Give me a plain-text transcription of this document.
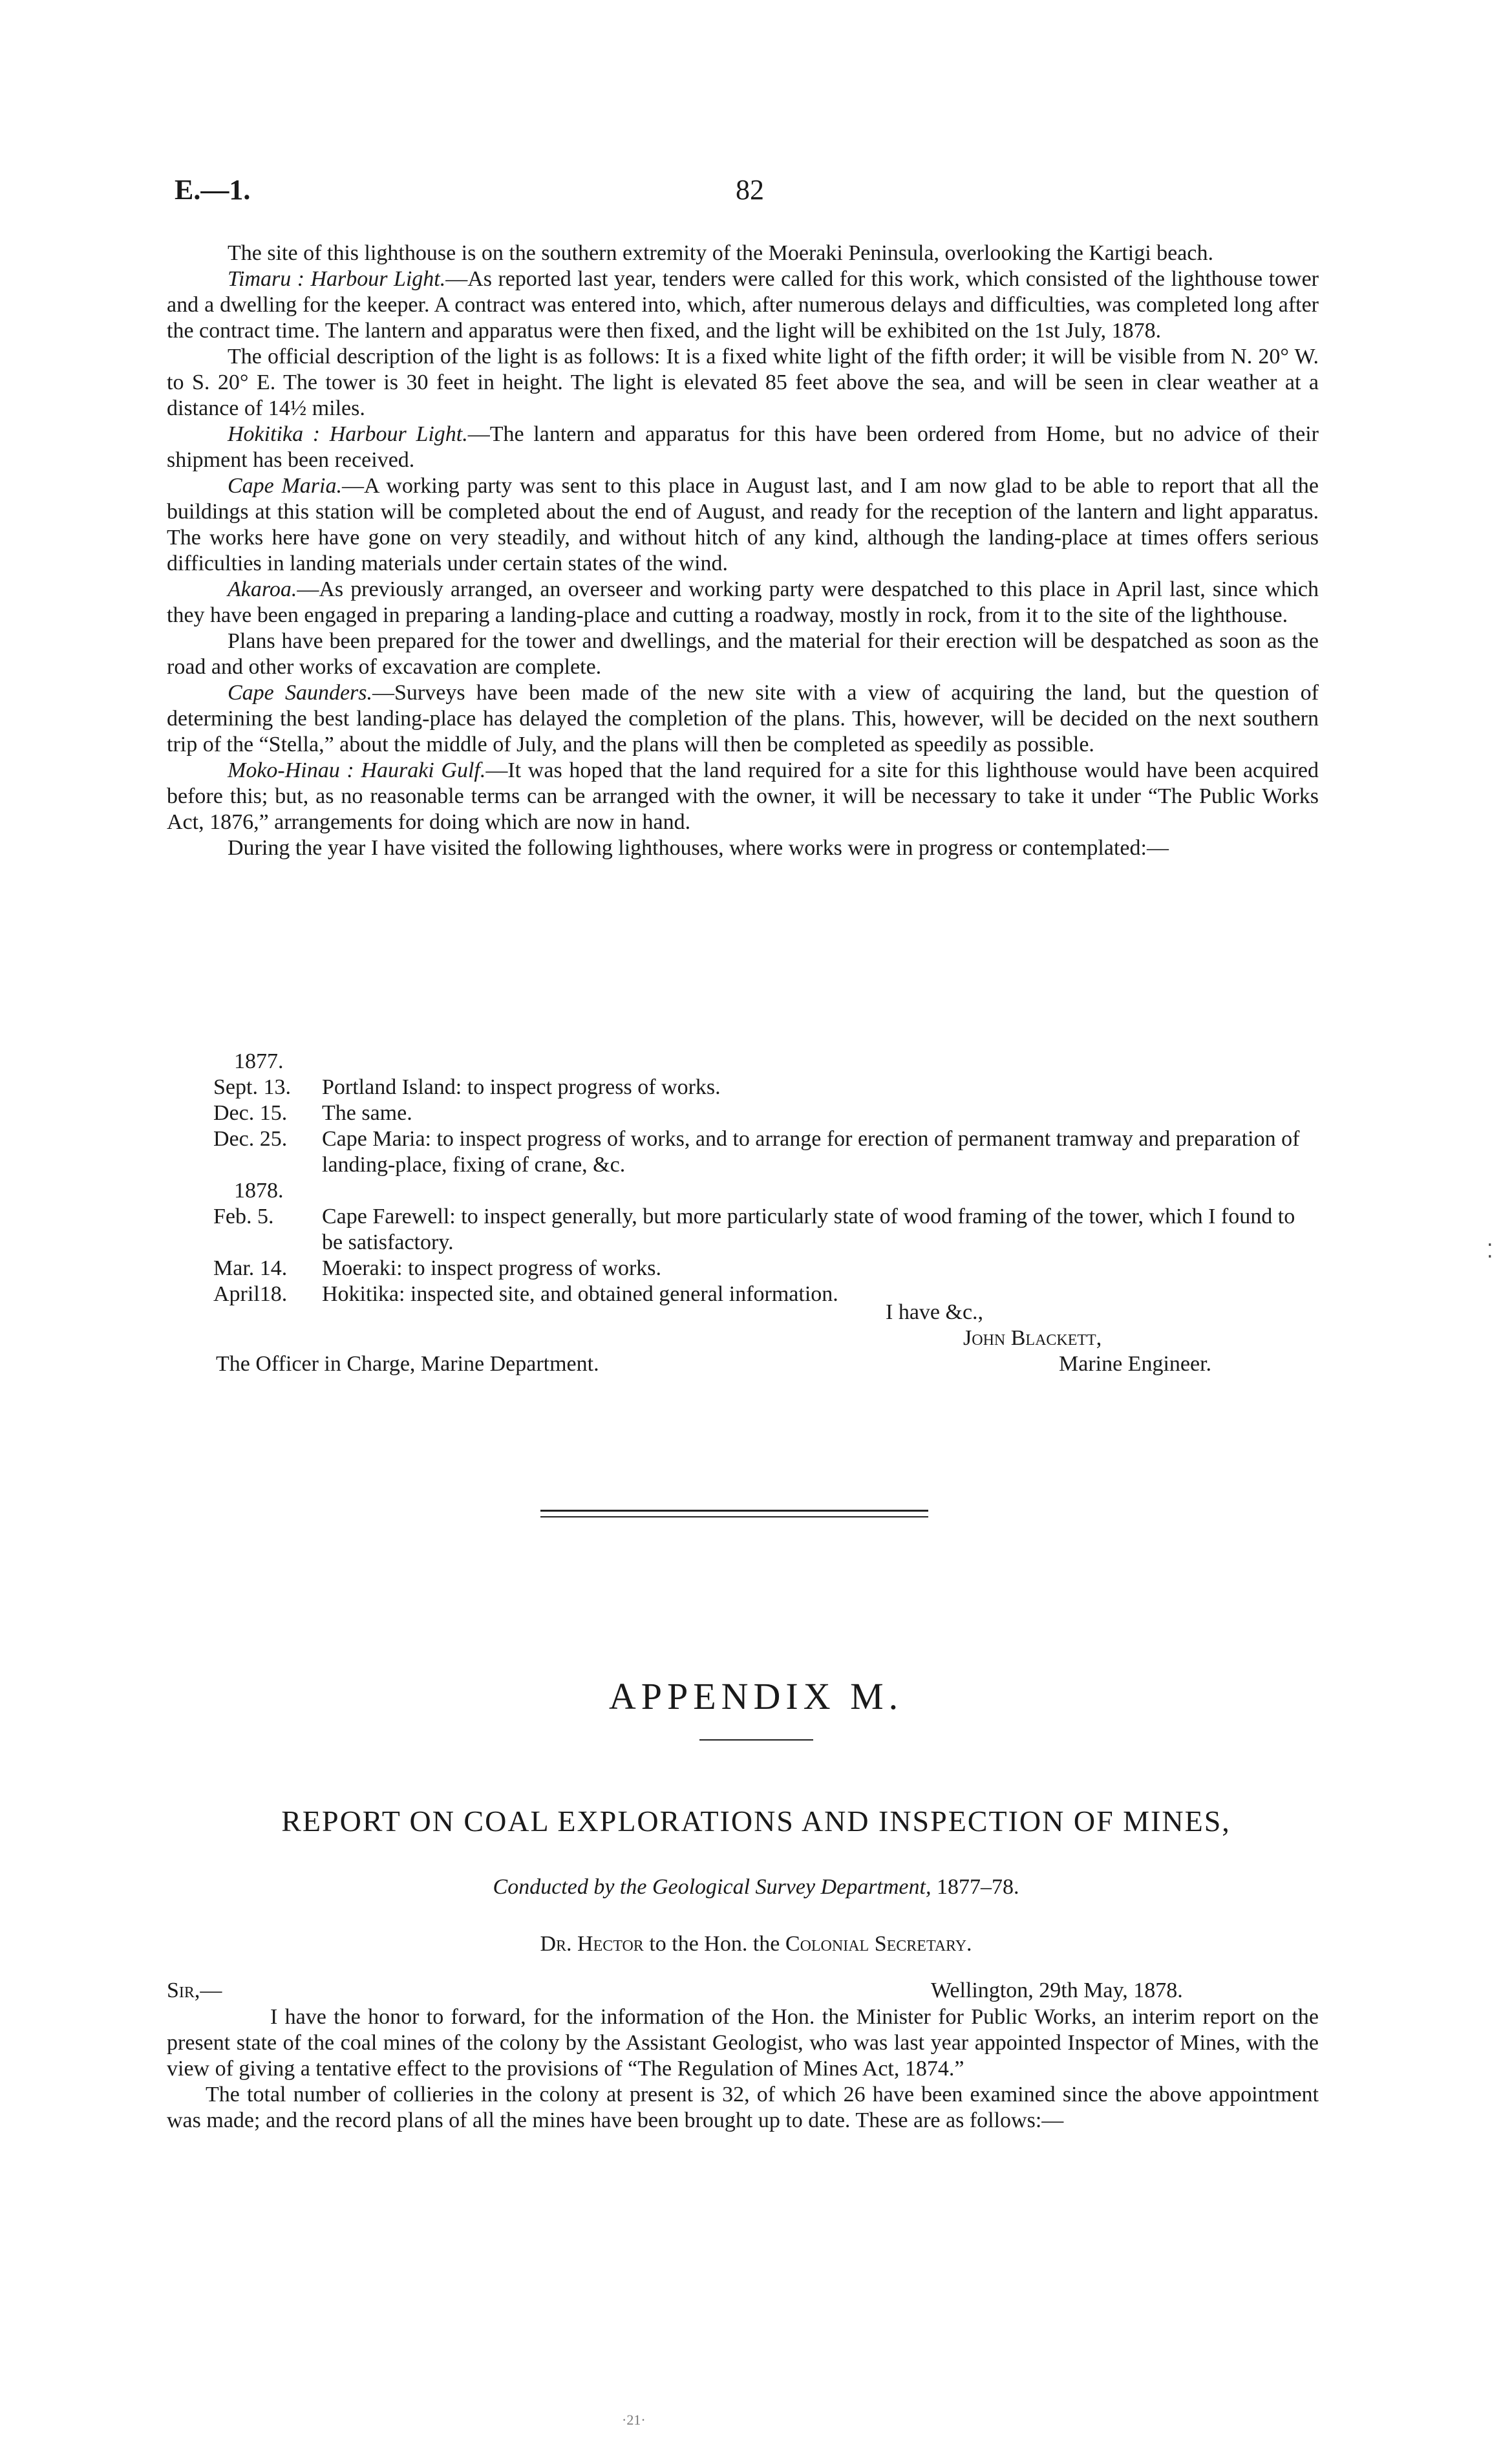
E.—1.	82

The site of this lighthouse is on the southern extremity of the Moeraki Peninsula, overlooking the Kartigi beach.

Timaru : Harbour Light.—As reported last year, tenders were called for this work, which consisted of the lighthouse tower and a dwelling for the keeper. A contract was entered into, which, after numerous delays and difficulties, was completed long after the contract time. The lantern and apparatus were then fixed, and the light will be exhibited on the 1st July, 1878.

The official description of the light is as follows: It is a fixed white light of the fifth order; it will be visible from N. 20° W. to S. 20° E. The tower is 30 feet in height. The light is elevated 85 feet above the sea, and will be seen in clear weather at a distance of 14½ miles.

Hokitika : Harbour Light.—The lantern and apparatus for this have been ordered from Home, but no advice of their shipment has been received.

Cape Maria.—A working party was sent to this place in August last, and I am now glad to be able to report that all the buildings at this station will be completed about the end of August, and ready for the reception of the lantern and light apparatus. The works here have gone on very steadily, and without hitch of any kind, although the landing-place at times offers serious difficulties in landing materials under certain states of the wind.

Akaroa.—As previously arranged, an overseer and working party were despatched to this place in April last, since which they have been engaged in preparing a landing-place and cutting a roadway, mostly in rock, from it to the site of the lighthouse.

Plans have been prepared for the tower and dwellings, and the material for their erection will be despatched as soon as the road and other works of excavation are complete.

Cape Saunders.—Surveys have been made of the new site with a view of acquiring the land, but the question of determining the best landing-place has delayed the completion of the plans. This, however, will be decided on the next southern trip of the “Stella,” about the middle of July, and the plans will then be completed as speedily as possible.

Moko-Hinau : Hauraki Gulf.—It was hoped that the land required for a site for this lighthouse would have been acquired before this; but, as no reasonable terms can be arranged with the owner, it will be necessary to take it under “The Public Works Act, 1876,” arrangements for doing which are now in hand.

During the year I have visited the following lighthouses, where works were in progress or contemplated:—

1877.
Sept. 13.	Portland Island: to inspect progress of works.
Dec. 15.	The same.
Dec. 25.	Cape Maria: to inspect progress of works, and to arrange for erection of permanent tramway and preparation of landing-place, fixing of crane, &c.
1878.
Feb. 5.	Cape Farewell: to inspect generally, but more particularly state of wood framing of the tower, which I found to be satisfactory.
Mar. 14.	Moeraki: to inspect progress of works.
April18.	Hokitika: inspected site, and obtained general information.
I have &c.,
John Blackett,
Marine Engineer.
The Officer in Charge, Marine Department.
APPENDIX M.
REPORT ON COAL EXPLORATIONS AND INSPECTION OF MINES,
Conducted by the Geological Survey Department, 1877–78.
Dr. Hector to the Hon. the Colonial Secretary.
Sir,—	Wellington, 29th May, 1878.

I have the honor to forward, for the information of the Hon. the Minister for Public Works, an interim report on the present state of the coal mines of the colony by the Assistant Geologist, who was last year appointed Inspector of Mines, with the view of giving a tentative effect to the provisions of “The Regulation of Mines Act, 1874.”

The total number of collieries in the colony at present is 32, of which 26 have been examined since the above appointment was made; and the record plans of all the mines have been brought up to date. These are as follows:—

⁚
·21·
